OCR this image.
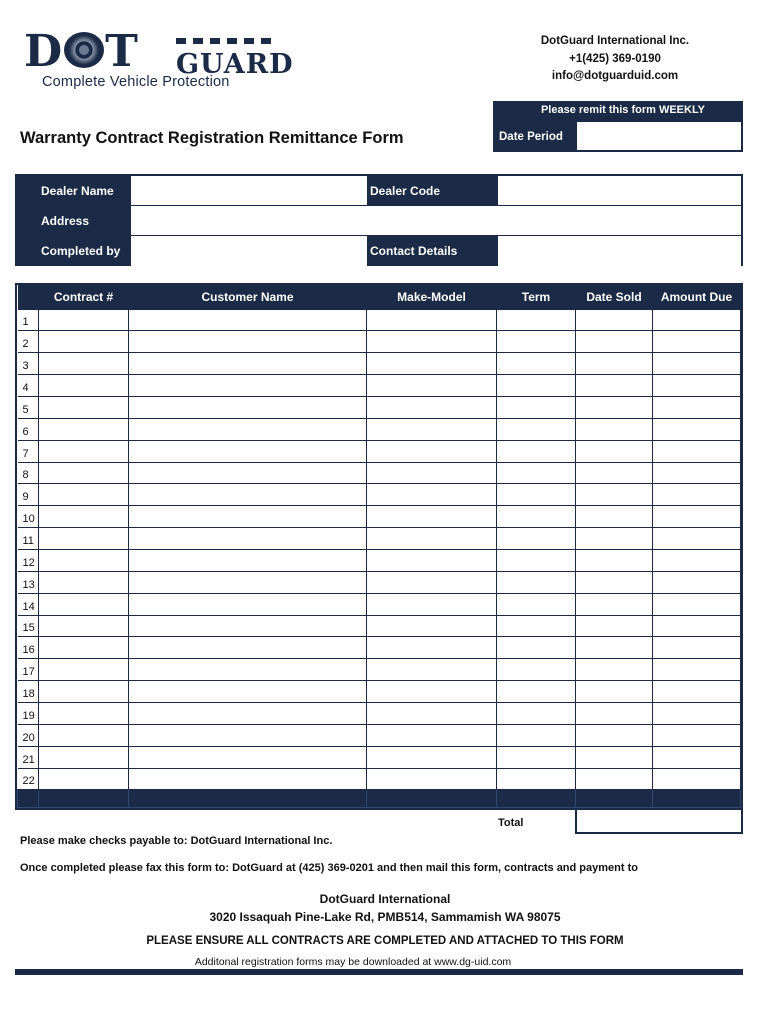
D T GUARD
Complete Vehicle Protection
DotGuard International Inc.
+1(425) 369-0190
info@dotguarduid.com
Please remit this form WEEKLY
Date Period
Warranty Contract Registration Remittance Form
Dealer Name	Dealer Code
Address
Completed by	Contact Details
	Contract #	Customer Name	Make-Model	Term	Date Sold	Amount Due
1						
2						
3						
4						
5						
6						
7						
8						
9						
10						
11						
12						
13						
14						
15						
16						
17						
18						
19						
20						
21						
22						

Total
Please make checks payable to: DotGuard International Inc.
Once completed please fax this form to: DotGuard at (425) 369-0201 and then mail this form, contracts and payment to
DotGuard International
3020 Issaquah Pine-Lake Rd, PMB514, Sammamish WA 98075
PLEASE ENSURE ALL CONTRACTS ARE COMPLETED AND ATTACHED TO THIS FORM
Additonal registration forms may be downloaded at www.dg-uid.com
